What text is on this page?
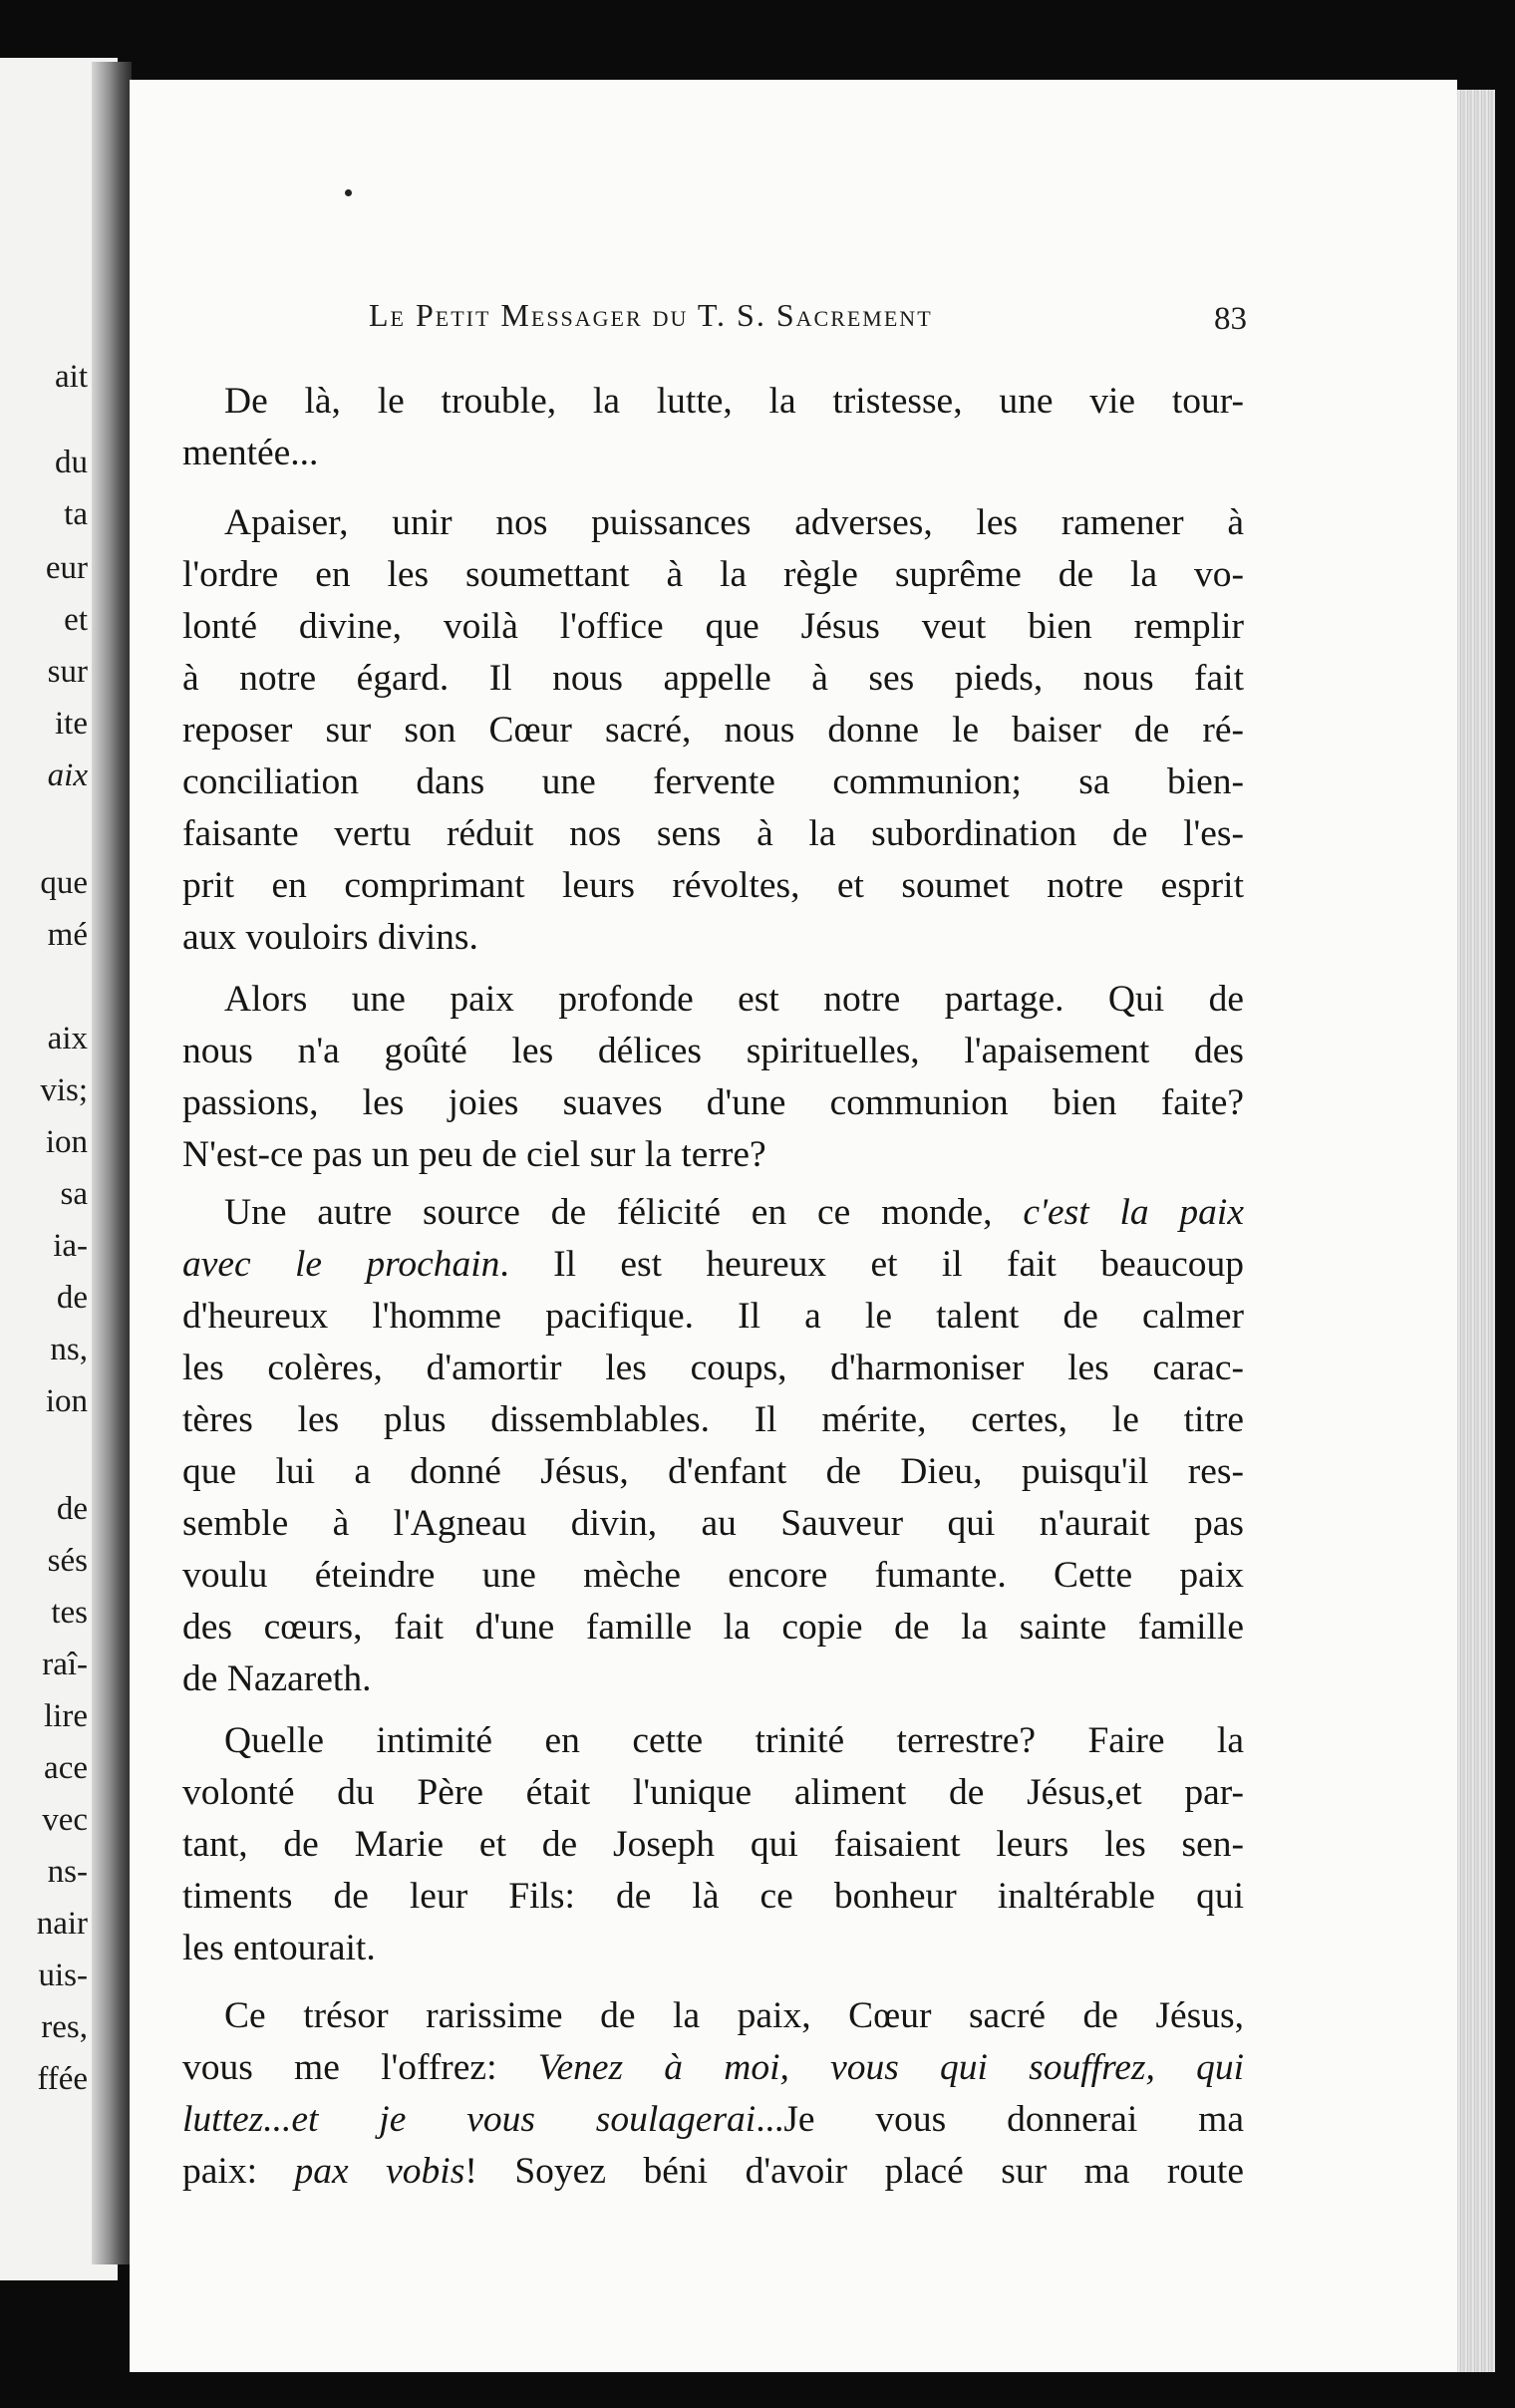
ait
du
ta
eur
et
sur
ite
aix
que
mé
aix
vis;
ion
sa
ia-
de
ns,
ion
de
sés
tes
raî-
lire
ace
vec
ns-
nair
uis-
res,
ffée
Le Petit Messager du T. S. Sacrement	83
De là, le trouble, la lutte, la tristesse, une vie tour-
mentée...
Apaiser, unir nos puissances adverses, les ramener à
l'ordre en les soumettant à la règle suprême de la vo-
lonté divine, voilà l'office que Jésus veut bien remplir
à notre égard. Il nous appelle à ses pieds, nous fait
reposer sur son Cœur sacré, nous donne le baiser de ré-
conciliation dans une fervente communion; sa bien-
faisante vertu réduit nos sens à la subordination de l'es-
prit en comprimant leurs révoltes, et soumet notre esprit
aux vouloirs divins.
Alors une paix profonde est notre partage. Qui de
nous n'a goûté les délices spirituelles, l'apaisement des
passions, les joies suaves d'une communion bien faite?
N'est-ce pas un peu de ciel sur la terre?
Une autre source de félicité en ce monde, c'est la paix
avec le prochain. Il est heureux et il fait beaucoup
d'heureux l'homme pacifique. Il a le talent de calmer
les colères, d'amortir les coups, d'harmoniser les carac-
tères les plus dissemblables. Il mérite, certes, le titre
que lui a donné Jésus, d'enfant de Dieu, puisqu'il res-
semble à l'Agneau divin, au Sauveur qui n'aurait pas
voulu éteindre une mèche encore fumante. Cette paix
des cœurs, fait d'une famille la copie de la sainte famille
de Nazareth.
Quelle intimité en cette trinité terrestre? Faire la
volonté du Père était l'unique aliment de Jésus,et par-
tant, de Marie et de Joseph qui faisaient leurs les sen-
timents de leur Fils: de là ce bonheur inaltérable qui
les entourait.
Ce trésor rarissime de la paix, Cœur sacré de Jésus,
vous me l'offrez: Venez à moi, vous qui souffrez, qui
luttez...et je vous soulagerai...Je vous donnerai ma
paix: pax vobis! Soyez béni d'avoir placé sur ma route
